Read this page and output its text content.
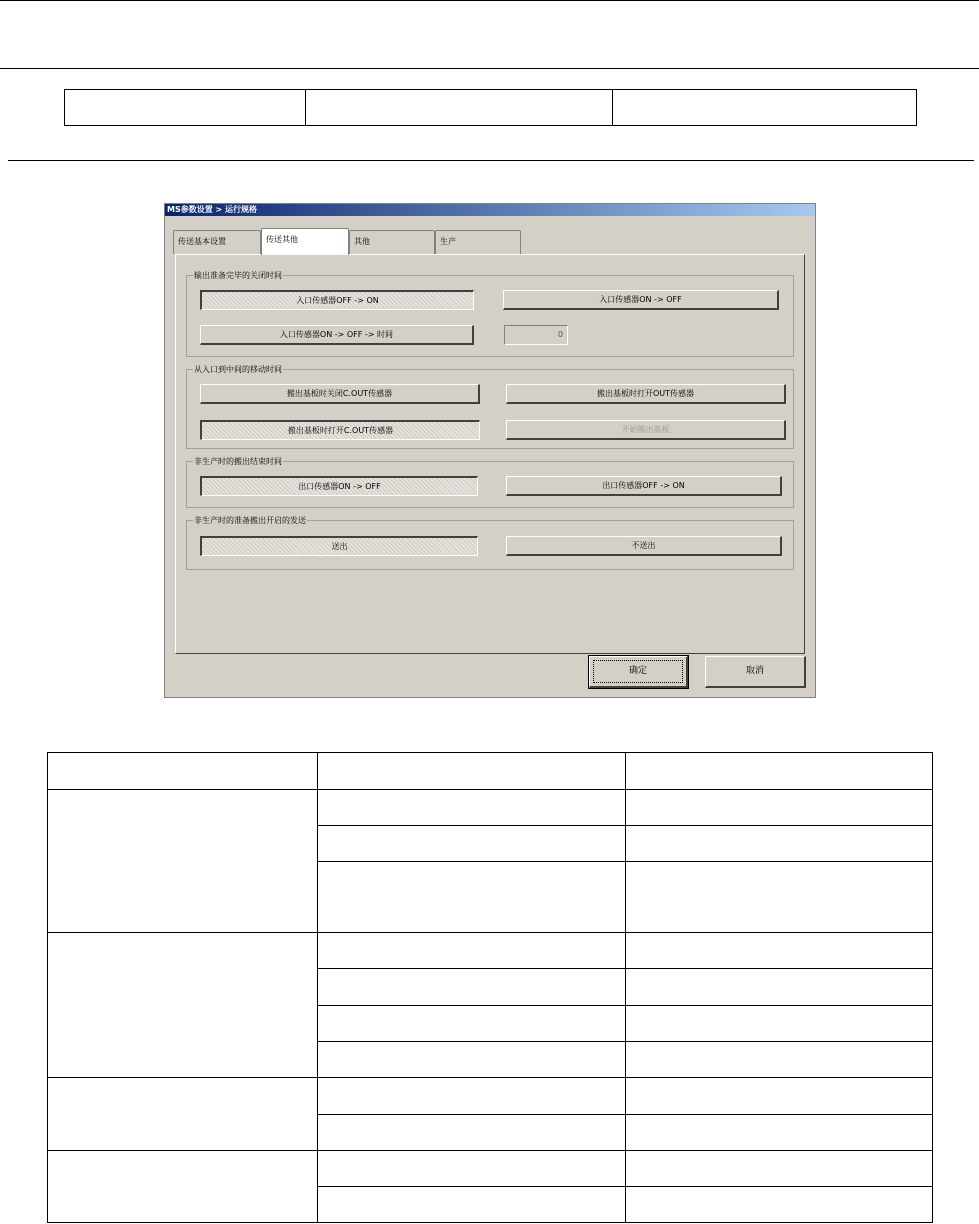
MS参数设置 > 运行规格
传送基本设置	传送其他	其他	生产
输出准备完毕的关闭时间
入口传感器OFF -> ON	入口传感器ON -> OFF
入口传感器ON -> OFF -> 时间	0
从入口到中间的移动时间
搬出基板时关闭C.OUT传感器	搬出基板时打开OUT传感器
搬出基板时打开C.OUT传感器	开始搬出基板
非生产时的搬出结束时间
出口传感器ON -> OFF	出口传感器OFF -> ON
非生产时的准备搬出开启的发送
送出	不送出
确定	取消
